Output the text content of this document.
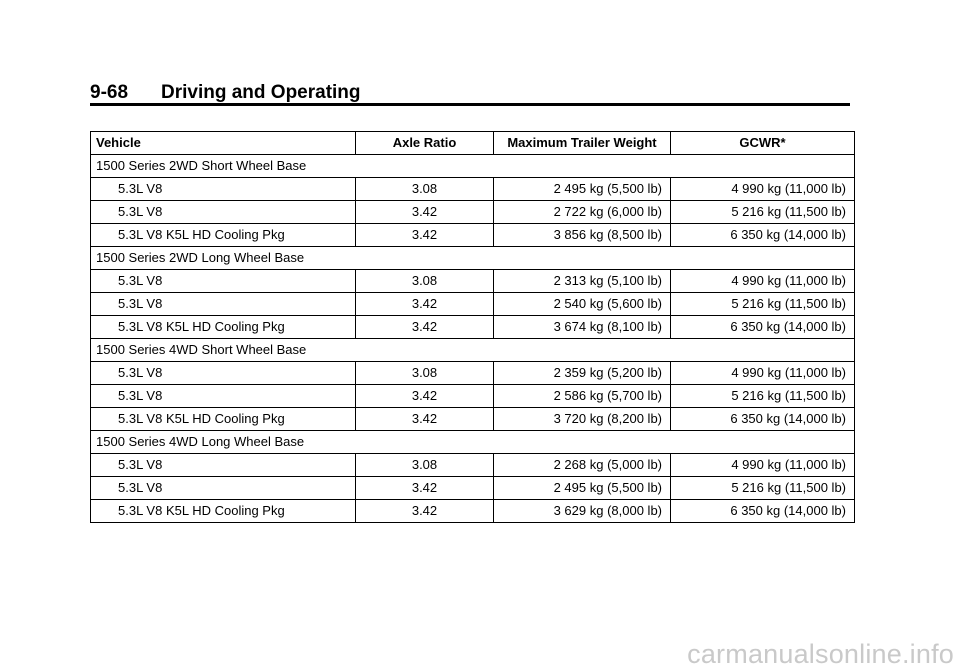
9-68 Driving and Operating
Vehicle	Axle Ratio	Maximum Trailer Weight	GCWR*
1500 Series 2WD Short Wheel Base			
5.3L V8	3.08	2 495 kg (5,500 lb)	4 990 kg (11,000 lb)
5.3L V8	3.42	2 722 kg (6,000 lb)	5 216 kg (11,500 lb)
5.3L V8 K5L HD Cooling Pkg	3.42	3 856 kg (8,500 lb)	6 350 kg (14,000 lb)
1500 Series 2WD Long Wheel Base			
5.3L V8	3.08	2 313 kg (5,100 lb)	4 990 kg (11,000 lb)
5.3L V8	3.42	2 540 kg (5,600 lb)	5 216 kg (11,500 lb)
5.3L V8 K5L HD Cooling Pkg	3.42	3 674 kg (8,100 lb)	6 350 kg (14,000 lb)
1500 Series 4WD Short Wheel Base			
5.3L V8	3.08	2 359 kg (5,200 lb)	4 990 kg (11,000 lb)
5.3L V8	3.42	2 586 kg (5,700 lb)	5 216 kg (11,500 lb)
5.3L V8 K5L HD Cooling Pkg	3.42	3 720 kg (8,200 lb)	6 350 kg (14,000 lb)
1500 Series 4WD Long Wheel Base			
5.3L V8	3.08	2 268 kg (5,000 lb)	4 990 kg (11,000 lb)
5.3L V8	3.42	2 495 kg (5,500 lb)	5 216 kg (11,500 lb)
5.3L V8 K5L HD Cooling Pkg	3.42	3 629 kg (8,000 lb)	6 350 kg (14,000 lb)
carmanualsonline.info
